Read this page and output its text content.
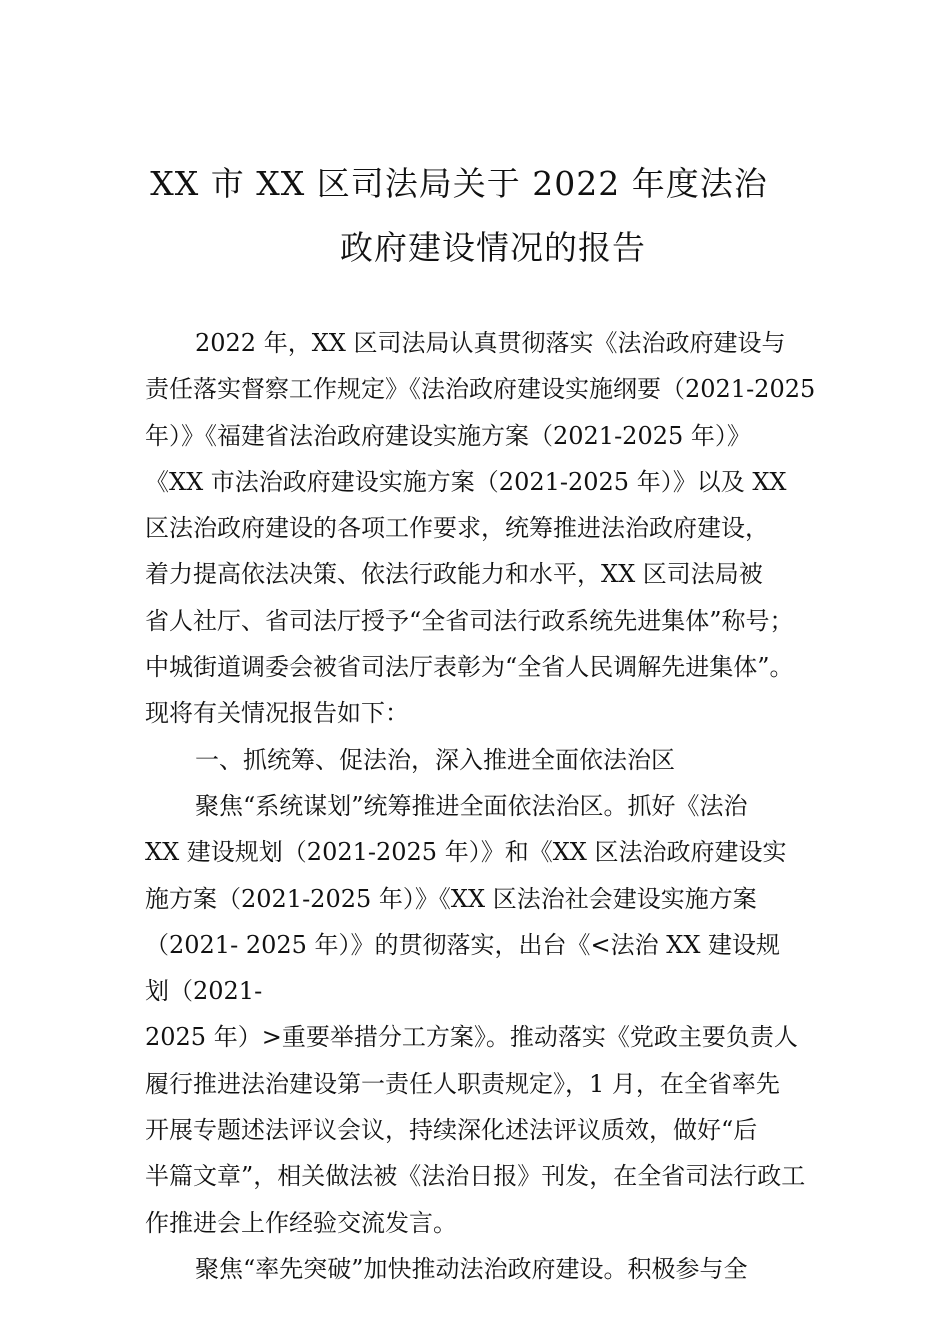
XX 市 XX 区司法局关于 2022 年度法治
政府建设情况的报告
2022 年，XX 区司法局认真贯彻落实《法治政府建设与
责任落实督察工作规定》《法治政府建设实施纲要（2021-2025
年）》《福建省法治政府建设实施方案（2021-2025 年）》
《XX 市法治政府建设实施方案（2021-2025 年）》以及 XX
区法治政府建设的各项工作要求，统筹推进法治政府建设，
着力提高依法决策、依法行政能力和水平，XX 区司法局被
省人社厅、省司法厅授予“全省司法行政系统先进集体”称号；
中城街道调委会被省司法厅表彰为“全省人民调解先进集体”。
现将有关情况报告如下：
一、抓统筹、促法治，深入推进全面依法治区
聚焦“系统谋划”统筹推进全面依法治区。抓好《法治
XX 建设规划（2021-2025 年）》和《XX 区法治政府建设实
施方案（2021-2025 年）》《XX 区法治社会建设实施方案
（2021- 2025 年）》的贯彻落实，出台《<法治 XX 建设规
划（2021-
2025 年）>重要举措分工方案》。推动落实《党政主要负责人
履行推进法治建设第一责任人职责规定》，1 月，在全省率先
开展专题述法评议会议，持续深化述法评议质效，做好“后
半篇文章”，相关做法被《法治日报》刊发，在全省司法行政工
作推进会上作经验交流发言。
聚焦“率先突破”加快推动法治政府建设。积极参与全
